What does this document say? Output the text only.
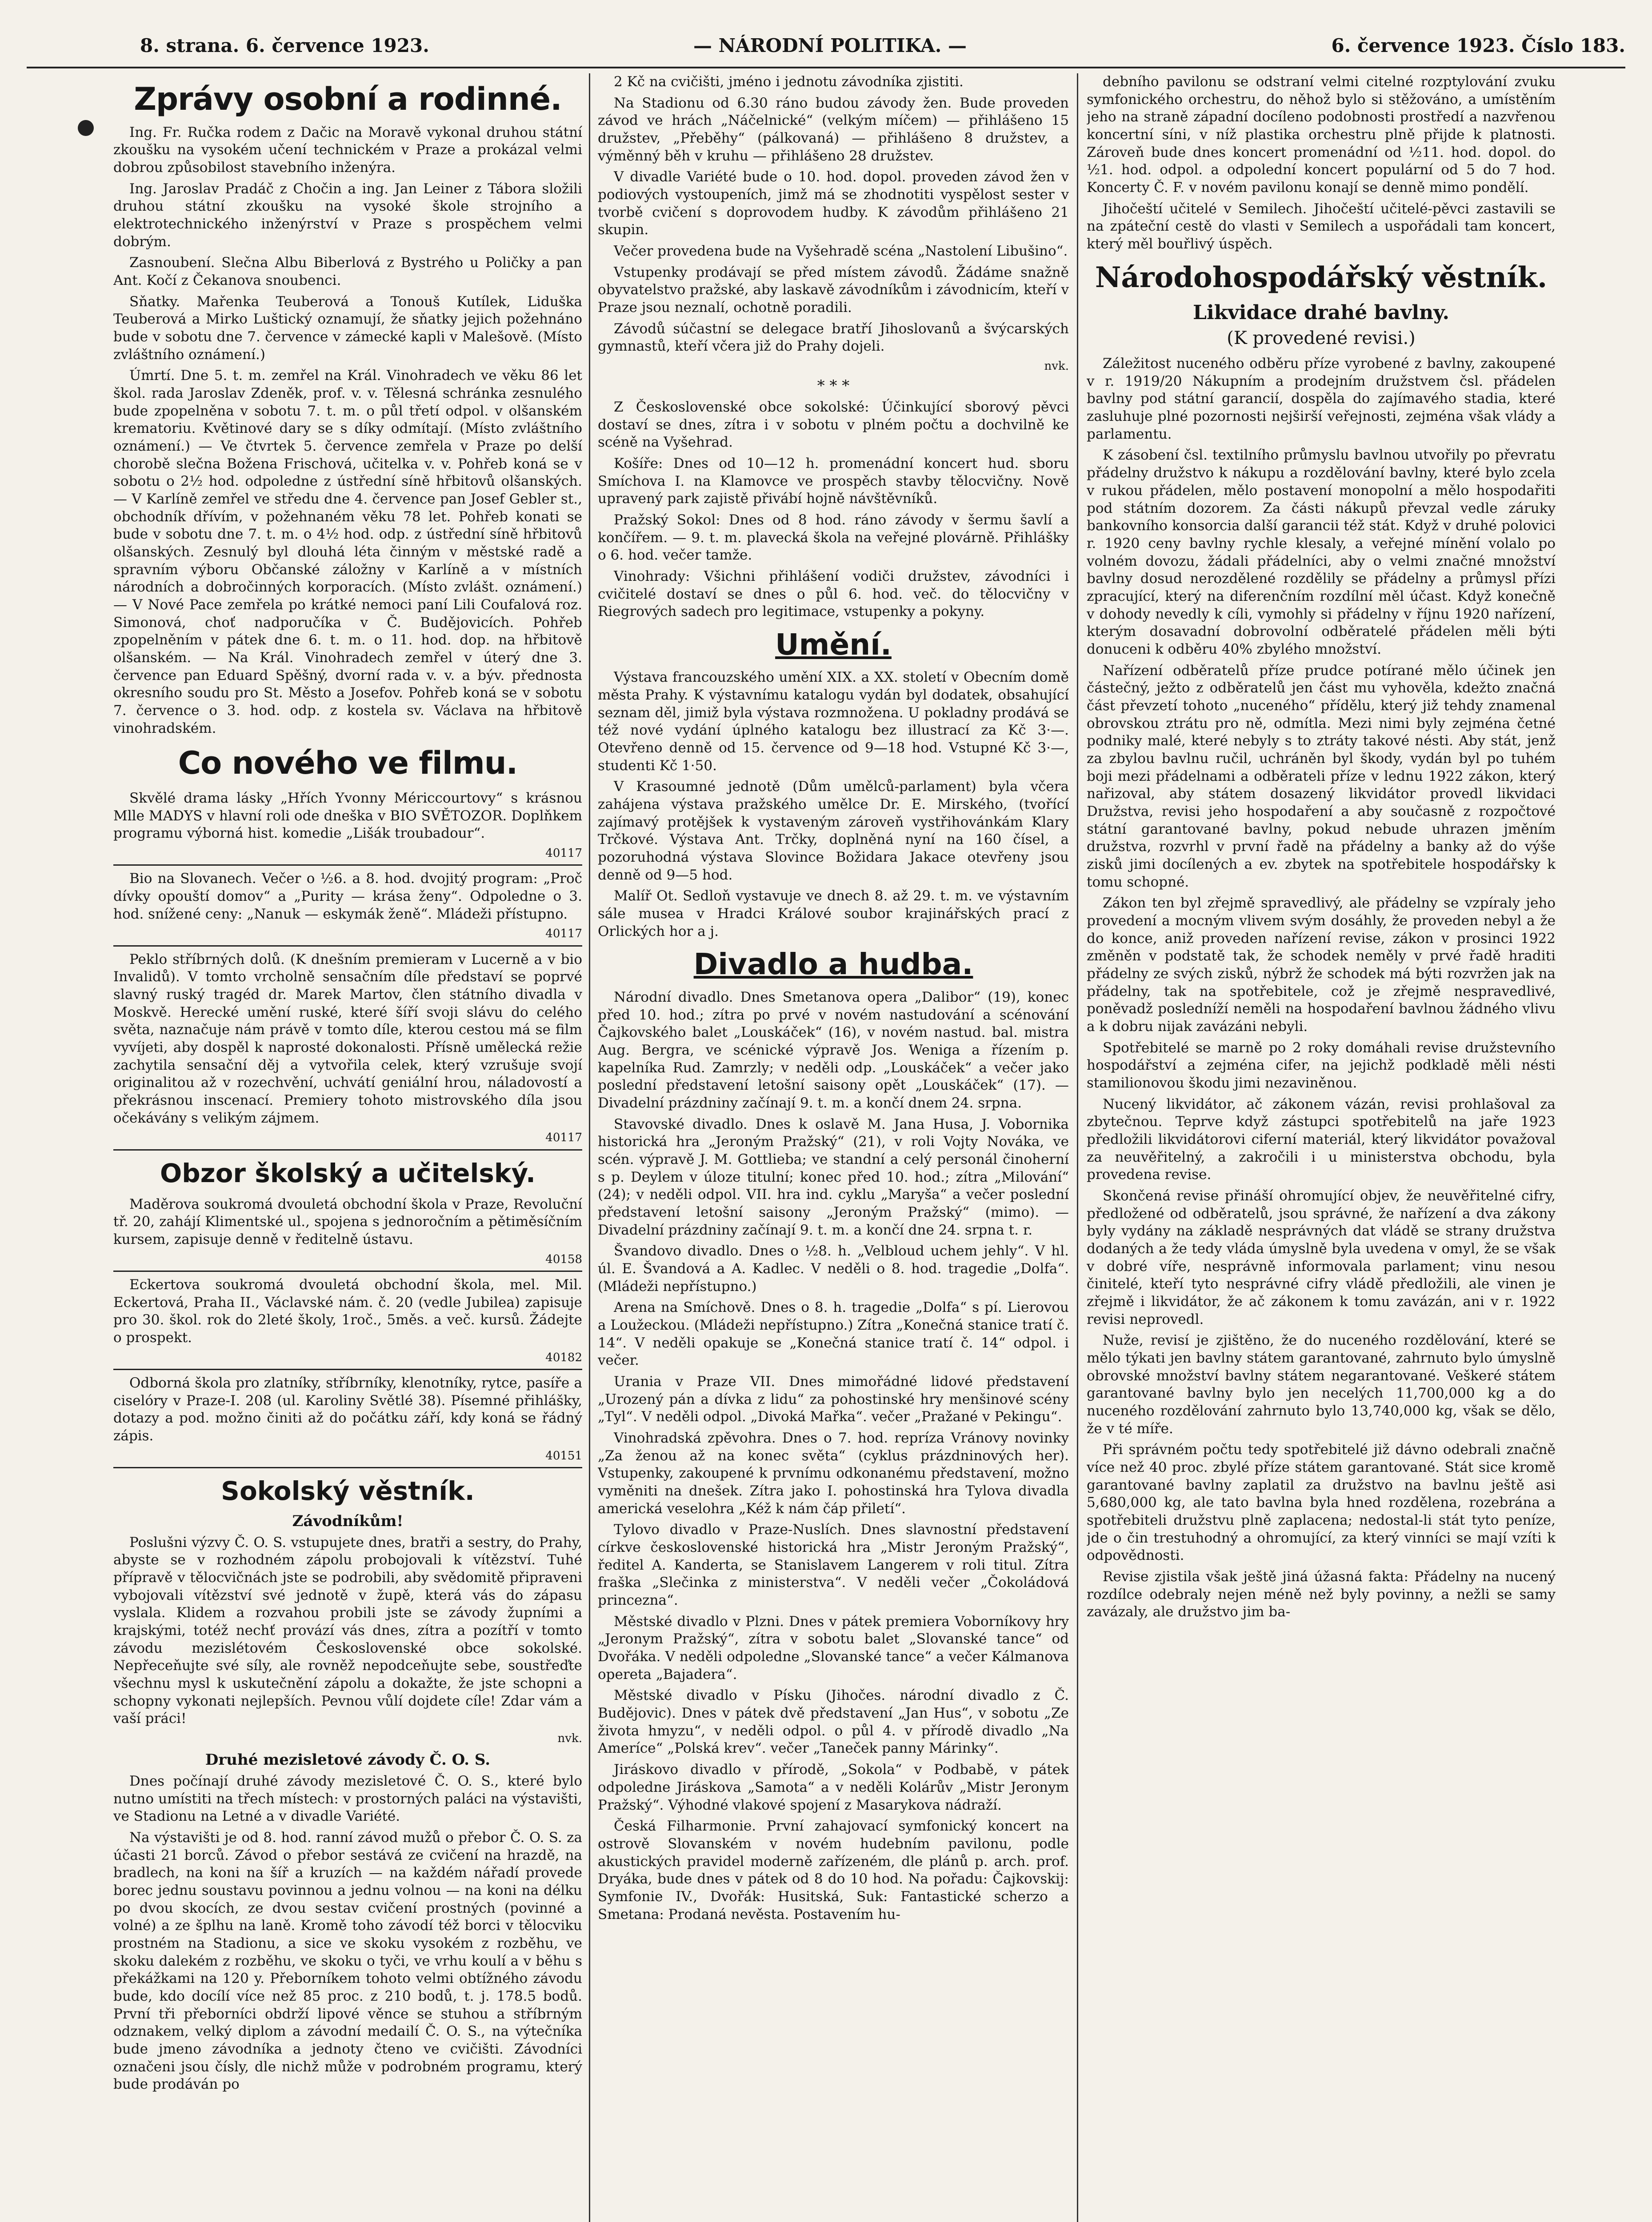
8. strana. 6. července 1923.	— NÁRODNÍ POLITIKA. —	6. července 1923. Číslo 183.
Zprávy osobní a rodinné.

Ing. Fr. Ručka rodem z Dačic na Moravě vykonal druhou státní zkoušku na vysokém učení technickém v Praze a prokázal velmi dobrou způsobilost stavebního inženýra.

Ing. Jaroslav Pradáč z Chočin a ing. Jan Leiner z Tábora složili druhou státní zkoušku na vysoké škole strojního a elektrotechnického inženýrství v Praze s prospěchem velmi dobrým.

Zasnoubení. Slečna Albu Biberlová z Bystrého u Poličky a pan Ant. Kočí z Čekanova snoubenci.

Sňatky. Mařenka Teuberová a Tonouš Kutílek, Liduška Teuberová a Mirko Luštický oznamují, že sňatky jejich požehnáno bude v sobotu dne 7. července v zámecké kapli v Malešově. (Místo zvláštního oznámení.)

Úmrtí. Dne 5. t. m. zemřel na Král. Vinohradech ve věku 86 let škol. rada Jaroslav Zdeněk, prof. v. v. Tělesná schránka zesnulého bude zpopelněna v sobotu 7. t. m. o půl třetí odpol. v olšanském krematoriu. Květinové dary se s díky odmítají. (Místo zvláštního oznámení.) — Ve čtvrtek 5. července zemřela v Praze po delší chorobě slečna Božena Frischová, učitelka v. v. Pohřeb koná se v sobotu o 2½ hod. odpoledne z ústřední síně hřbitovů olšanských. — V Karlíně zemřel ve středu dne 4. července pan Josef Gebler st., obchodník dřívím, v požehnaném věku 78 let. Pohřeb konati se bude v sobotu dne 7. t. m. o 4½ hod. odp. z ústřední síně hřbitovů olšanských. Zesnulý byl dlouhá léta činným v městské radě a spravním výboru Občanské záložny v Karlíně a v místních národních a dobročinných korporacích. (Místo zvlášt. oznámení.) — V Nové Pace zemřela po krátké nemoci paní Lili Coufalová roz. Simonová, choť nadporučíka v Č. Budějovicích. Pohřeb zpopelněním v pátek dne 6. t. m. o 11. hod. dop. na hřbitově olšanském. — Na Král. Vinohradech zemřel v úterý dne 3. července pan Eduard Spěšný, dvorní rada v. v. a býv. přednosta okresního soudu pro St. Město a Josefov. Pohřeb koná se v sobotu 7. července o 3. hod. odp. z kostela sv. Václava na hřbitově vinohradském.

Co nového ve filmu.

Skvělé drama lásky „Hřích Yvonny Mériccourtovy“ s krásnou Mlle MADYS v hlavní roli ode dneška v BIO SVĚTOZOR. Doplňkem programu výborná hist. komedie „Lišák troubadour“.

40117

Bio na Slovanech. Večer o ½6. a 8. hod. dvojitý program: „Proč dívky opouští domov“ a „Purity — krása ženy“. Odpoledne o 3. hod. snížené ceny: „Nanuk — eskymák ženě“. Mládeži přístupno.

40117

Peklo stříbrných dolů. (K dnešním premieram v Lucerně a v bio Invalidů). V tomto vrcholně sensačním díle představí se poprvé slavný ruský tragéd dr. Marek Martov, člen státního divadla v Moskvě. Herecké umění ruské, které šíří svoji slávu do celého světa, naznačuje nám právě v tomto díle, kterou cestou má se film vyvíjeti, aby dospěl k naprosté dokonalosti. Přísně umělecká režie zachytila sensační děj a vytvořila celek, který vzrušuje svojí originalitou až v rozechvění, uchvátí geniální hrou, náladovostí a překrásnou inscenací. Premiery tohoto mistrovského díla jsou očekávány s velikým zájmem.

40117
Obzor školský a učitelský.

Maděrova soukromá dvouletá obchodní škola v Praze, Revoluční tř. 20, zahájí Klimentské ul., spojena s jednoročním a pětiměsíčním kursem, zapisuje denně v ředitelně ústavu.

40158

Eckertova soukromá dvouletá obchodní škola, mel. Mil. Eckertová, Praha II., Václavské nám. č. 20 (vedle Jubilea) zapisuje pro 30. škol. rok do 2leté školy, 1roč., 5měs. a več. kursů. Žádejte o prospekt.

40182

Odborná škola pro zlatníky, stříbrníky, klenotníky, rytce, pasíře a ciselóry v Praze-I. 208 (ul. Karoliny Světlé 38). Písemné přihlášky, dotazy a pod. možno činiti až do počátku září, kdy koná se řádný zápis.

40151
Sokolský věstník.
Závodníkům!

Poslušni výzvy Č. O. S. vstupujete dnes, bratři a sestry, do Prahy, abyste se v rozhodném zápolu probojovali k vítězství. Tuhé přípravě v tělocvičnách jste se podrobili, aby svědomitě připraveni vybojovali vítězství své jednotě v župě, která vás do zápasu vyslala. Klidem a rozvahou probili jste se závody župními a krajskými, totéž nechť provází vás dnes, zítra a pozítří v tomto závodu mezislétovém Československé obce sokolské. Nepřeceňujte své síly, ale rovněž nepodceňujte sebe, soustřeďte všechnu mysl k uskutečnění zápolu a dokažte, že jste schopni a schopny vykonati nejlepších. Pevnou vůlí dojdete cíle! Zdar vám a vaší práci!

nvk.
Druhé mezisletové závody Č. O. S.

Dnes počínají druhé závody mezisletové Č. O. S., které bylo nutno umístiti na třech místech: v prostorných paláci na výstavišti, ve Stadionu na Letné a v divadle Variété.

Na výstavišti je od 8. hod. ranní závod mužů o přebor Č. O. S. za účasti 21 borců. Závod o přebor sestává ze cvičení na hrazdě, na bradlech, na koni na šíř a kruzích — na každém nářadí provede borec jednu soustavu povinnou a jednu volnou — na koni na délku po dvou skocích, ze dvou sestav cvičení prostných (povinné a volné) a ze šplhu na laně. Kromě toho závodí též borci v tělocviku prostném na Stadionu, a sice ve skoku vysokém z rozběhu, ve skoku dalekém z rozběhu, ve skoku o tyči, ve vrhu koulí a v běhu s překážkami na 120 y. Přeborníkem tohoto velmi obtížného závodu bude, kdo docílí více než 85 proc. z 210 bodů, t. j. 178.5 bodů. První tři přeborníci obdrží lipové věnce se stuhou a stříbrným odznakem, velký diplom a závodní medailí Č. O. S., na výtečníka bude jmeno závodníka a jednoty čteno ve cvičišti. Závodníci označeni jsou čísly, dle nichž může v podrobném programu, který bude prodáván po

2 Kč na cvičišti, jméno i jednotu závodníka zjistiti.

Na Stadionu od 6.30 ráno budou závody žen. Bude proveden závod ve hrách „Náčelnické“ (velkým míčem) — přihlášeno 15 družstev, „Přeběhy“ (pálkovaná) — přihlášeno 8 družstev, a výměnný běh v kruhu — přihlášeno 28 družstev.

V divadle Variété bude o 10. hod. dopol. proveden závod žen v podiových vystoupeních, jimž má se zhodnotiti vyspělost sester v tvorbě cvičení s doprovodem hudby. K závodům přihlášeno 21 skupin.

Večer provedena bude na Vyšehradě scéna „Nastolení Libušino“.

Vstupenky prodávají se před místem závodů. Žádáme snažně obyvatelstvo pražské, aby laskavě závodníkům i závodnicím, kteří v Praze jsou neznalí, ochotně poradili.

Závodů súčastní se delegace bratří Jihoslovanů a švýcarských gymnastů, kteří včera již do Prahy dojeli.

nvk.
* * *

Z Československé obce sokolské: Účinkující sborový pěvci dostaví se dnes, zítra i v sobotu v plném počtu a dochvilně ke scéně na Vyšehrad.

Košíře: Dnes od 10—12 h. promenádní koncert hud. sboru Smíchova I. na Klamovce ve prospěch stavby tělocvičny. Nově upravený park zajistě přivábí hojně návštěvníků.

Pražský Sokol: Dnes od 8 hod. ráno závody v šermu šavlí a končířem. — 9. t. m. plavecká škola na veřejné plovárně. Přihlášky o 6. hod. večer tamže.

Vinohrady: Všichni přihlášení vodiči družstev, závodníci i cvičitelé dostaví se dnes o půl 6. hod. več. do tělocvičny v Riegrových sadech pro legitimace, vstupenky a pokyny.

Umění.

Výstava francouzského umění XIX. a XX. století v Obecním domě města Prahy. K výstavnímu katalogu vydán byl dodatek, obsahující seznam děl, jimiž byla výstava rozmnožena. U pokladny prodává se též nové vydání úplného katalogu bez illustrací za Kč 3·—. Otevřeno denně od 15. července od 9—18 hod. Vstupné Kč 3·—, studenti Kč 1·50.

V Krasoumné jednotě (Dům umělců-parlament) byla včera zahájena výstava pražského umělce Dr. E. Mirského, (tvořící zajímavý protějšek k vystaveným zároveň vystřihovánkám Klary Trčkové. Výstava Ant. Trčky, doplněná nyní na 160 čísel, a pozoruhodná výstava Slovince Božidara Jakace otevřeny jsou denně od 9—5 hod.

Malíř Ot. Sedloň vystavuje ve dnech 8. až 29. t. m. ve výstavním sále musea v Hradci Králové soubor krajinářských prací z Orlických hor a j.

Divadlo a hudba.

Národní divadlo. Dnes Smetanova opera „Dalibor“ (19), konec před 10. hod.; zítra po prvé v novém nastudování a scénování Čajkovského balet „Louskáček“ (16), v novém nastud. bal. mistra Aug. Bergra, ve scénické výpravě Jos. Wenigа a řízením p. kapelníka Rud. Zamrzly; v neděli odp. „Louskáček“ a večer jako poslední představení letošní saisony opět „Louskáček“ (17). — Divadelní prázdniny začínají 9. t. m. a končí dnem 24. srpna.

Stavovské divadlo. Dnes k oslavě M. Jana Husa, J. Vobornika historická hra „Jeroným Pražský“ (21), v roli Vojty Nováka, ve scén. výpravě J. M. Gottlieba; ve standní a celý personál činoherní s p. Deylem v úloze titulní; konec před 10. hod.; zítra „Milování“ (24); v neděli odpol. VII. hra ind. cyklu „Maryša“ a večer poslední představení letošní saisony „Jeroným Pražský“ (mimo). — Divadelní prázdniny začínají 9. t. m. a končí dne 24. srpna t. r.

Švandovo divadlo. Dnes o ½8. h. „Velbloud uchem jehly“. V hl. úl. E. Švandová a A. Kadlec. V neděli o 8. hod. tragedie „Dolfa“. (Mládeži nepřístupno.)

Arena na Smíchově. Dnes o 8. h. tragedie „Dolfa“ s pí. Lierovou a Loužeckou. (Mládeži nepřístupno.) Zítra „Konečná stanice tratí č. 14“. V neděli opakuje se „Konečná stanice tratí č. 14“ odpol. i večer.

Urania v Praze VII. Dnes mimořádné lidové představení „Urozený pán a dívka z lidu“ za pohostinské hry menšinové scény „Tyl“. V neděli odpol. „Divoká Mařka“. večer „Pražané v Pekingu“.

Vinohradská zpěvohra. Dnes o 7. hod. repríza Vránovy novinky „Za ženou až na konec světa“ (cyklus prázdninových her). Vstupenky, zakoupené k prvnímu odkonanému představení, možno vyměniti na dnešek. Zítra jako I. pohostinská hra Tylova divadla americká veselohra „Kéž k nám čáp přiletí“.

Tylovo divadlo v Praze-Nuslích. Dnes slavnostní představení církve československé historická hra „Mistr Jeroným Pražský“, ředitel A. Kanderta, se Stanislavem Langerem v roli titul. Zítra fraška „Slečinka z ministerstva“. V neděli večer „Čokoládová princezna“.

Městské divadlo v Plzni. Dnes v pátek premiera Voborníkovy hry „Jeronym Pražský“, zítra v sobotu balet „Slovanské tance“ od Dvořáka. V neděli odpoledne „Slovanské tance“ a večer Kálmanova opereta „Bajadera“.

Městské divadlo v Písku (Jihočes. národní divadlo z Č. Budějovic). Dnes v pátek dvě představení „Jan Hus“, v sobotu „Ze života hmyzu“, v neděli odpol. o půl 4. v přírodě divadlo „Na Ameríce“ „Polská krev“. večer „Taneček panny Márinky“.

Jiráskovo divadlo v přírodě, „Sokola“ v Podbabě, v pátek odpoledne Jiráskova „Samota“ a v neděli Kolárův „Mistr Jeronym Pražský“. Výhodné vlakové spojení z Masarykova nádraží.

Česká Filharmonie. První zahajovací symfonický koncert na ostrově Slovanském v novém hudebním pavilonu, podle akustických pravidel moderně zařízeném, dle plánů p. arch. prof. Dryáka, bude dnes v pátek od 8 do 10 hod. Na pořadu: Čajkovskij: Symfonie IV., Dvořák: Husitská, Suk: Fantastické scherzo a Smetana: Prodaná nevěsta. Postavením hu-

debního pavilonu se odstraní velmi citelné rozptylování zvuku symfonického orchestru, do něhož bylo si stěžováno, a umístěním jeho na straně západní docíleno podobnosti prostředí a nazvřenou koncertní síni, v níž plastika orchestru plně přijde k platnosti. Zároveň bude dnes koncert promenádní od ½11. hod. dopol. do ½1. hod. odpol. a odpolední koncert populární od 5 do 7 hod. Koncerty Č. F. v novém pavilonu konají se denně mimo pondělí.

Jihočeští učitelé v Semilech. Jihočeští učitelé-pěvci zastavili se na zpáteční cestě do vlasti v Semilech a uspořádali tam koncert, který měl bouřlivý úspěch.

Národohospodářský věstník.
Likvidace drahé bavlny.
(K provedené revisi.)

Záležitost nuceného odběru příze vyrobené z bavlny, zakoupené v r. 1919/20 Nákupním a prodejním družstvem čsl. přádelen bavlny pod státní garancií, dospěla do zajímavého stadia, které zasluhuje plné pozornosti nejširší veřejnosti, zejména však vlády a parlamentu.

K zásobení čsl. textilního průmyslu bavlnou utvořily po převratu přádelny družstvo k nákupu a rozdělování bavlny, které bylo zcela v rukou přádelen, mělo postavení monopolní a mělo hospodařiti pod státním dozorem. Za části nákupů převzal vedle záruky bankovního konsorcia další garancii též stát. Když v druhé polovici r. 1920 ceny bavlny rychle klesaly, a veřejné mínění volalo po volném dovozu, žádali přádelníci, aby o velmi značné množství bavlny dosud nerozdělené rozdělily se přádelny a průmysl přízi zpracující, který na diferenčním rozdílní měl účast. Když konečně v dohody nevedly k cíli, vymohly si přádelny v říjnu 1920 nařízení, kterým dosavadní dobrovolní odběratelé přádelen měli býti donuceni k odběru 40% zbylého množství.

Nařízení odběratelů příze prudce potírané mělo účinek jen částečný, ježto z odběratelů jen část mu vyhověla, kdežto značná část převzetí tohoto „nuceného“ přídělu, který již tehdy znamenal obrovskou ztrátu pro ně, odmítla. Mezi nimi byly zejména četné podniky malé, které nebyly s to ztráty takové nésti. Aby stát, jenž za zbylou bavlnu ručil, uchráněn byl škody, vydán byl po tuhém boji mezi přádelnami a odběrateli příze v lednu 1922 zákon, který nařizoval, aby státem dosazený likvidátor provedl likvidaci Družstva, revisi jeho hospodaření a aby současně z rozpočtové státní garantované bavlny, pokud nebude uhrazen jměním družstva, rozvrhl v první řadě na přádelny a banky až do výše zisků jimi docílených a ev. zbytek na spotřebitele hospodářsky k tomu schopné.

Zákon ten byl zřejmě spravedlivý, ale přádelny se vzpíraly jeho provedení a mocným vlivem svým dosáhly, že proveden nebyl a že do konce, aniž proveden nařízení revise, zákon v prosinci 1922 změněn v podstatě tak, že schodek neměly v prvé řadě hraditi přádelny ze svých zisků, nýbrž že schodek má býti rozvržen jak na přádelny, tak na spotřebitele, což je zřejmě nespravedlivé, poněvadž posledníží neměli na hospodaření bavlnou žádného vlivu a k dobru nijak zavázáni nebyli.

Spotřebitelé se marně po 2 roky domáhali revise družstevního hospodářství a zejména cifer, na jejichž podkladě měli nésti stamilionovou škodu jimi nezaviněnou.

Nucený likvidátor, ač zákonem vázán, revisi prohlašoval za zbytečnou. Teprve když zástupci spotřebitelů na jaře 1923 předložili likvidátorovi ciferní materiál, který likvidátor považoval za neuvěřitelný, a zakročili i u ministerstva obchodu, byla provedena revise.

Skončená revise přináší ohromující objev, že neuvěřitelné cifry, předložené od odběratelů, jsou správné, že nařízení a dva zákony byly vydány na základě nesprávných dat vládě se strany družstva dodaných a že tedy vláda úmyslně byla uvedena v omyl, že se však v dobré víře, nesprávně informovala parlament; vinu nesou činitelé, kteří tyto nesprávné cifry vládě předložili, ale vinen je zřejmě i likvidátor, že ač zákonem k tomu zavázán, ani v r. 1922 revisi neprovedl.

Nuže, revisí je zjištěno, že do nuceného rozdělování, které se mělo týkati jen bavlny státem garantované, zahrnuto bylo úmyslně obrovské množství bavlny státem negarantované. Veškeré státem garantované bavlny bylo jen necelých 11,700,000 kg a do nuceného rozdělování zahrnuto bylo 13,740,000 kg, však se dělo, že v té míře.

Při správném počtu tedy spotřebitelé již dávno odebrali značně více než 40 proc. zbylé příze státem garantované. Stát sice kromě garantované bavlny zaplatil za družstvo na bavlnu ještě asi 5,680,000 kg, ale tato bavlna byla hned rozdělena, rozebrána a spotřebiteli družstvu plně zaplacena; nedostal-li stát tyto peníze, jde o čin trestuhodný a ohromující, za který vinníci se mají vzíti k odpovědnosti.

Revise zjistila však ještě jiná úžasná fakta: Přádelny na nucený rozdílce odebraly nejen méně než byly povinny, a nežli se samy zavázaly, ale družstvo jim ba-
